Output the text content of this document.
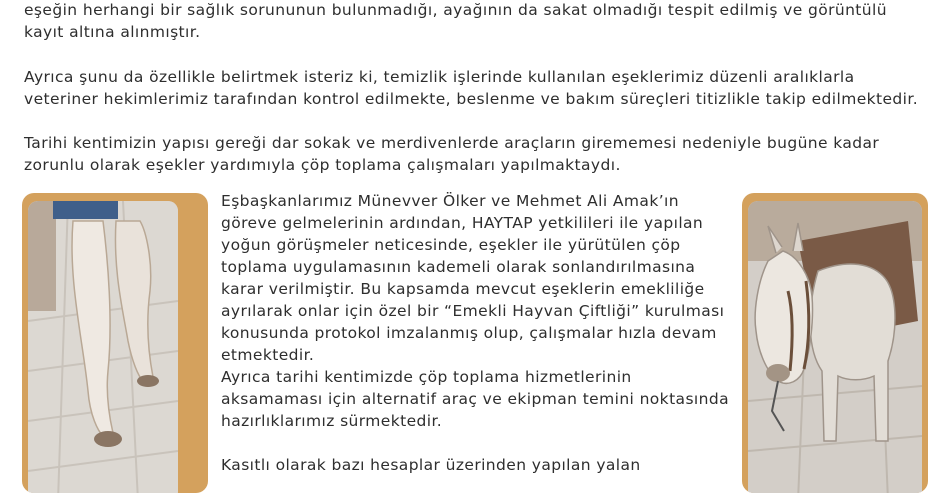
eşeğin herhangi bir sağlık sorununun bulunmadığı, ayağının da sakat olmadığı tespit edilmiş ve görüntülü kayıt altına alınmıştır.

Ayrıca şunu da özellikle belirtmek isteriz ki, temizlik işlerinde kullanılan eşeklerimiz düzenli aralıklarla veteriner hekimlerimiz tarafından kontrol edilmekte, beslenme ve bakım süreçleri titizlikle takip edilmektedir.

Tarihi kentimizin yapısı gereği dar sokak ve merdivenlerde araçların girememesi nedeniyle bugüne kadar zorunlu olarak eşekler yardımıyla çöp toplama çalışmaları yapılmaktaydı.

Eşbaşkanlarımız Münevver Ölker ve Mehmet Ali Amak’ın göreve gelmelerinin ardından, HAYTAP yetkilileri ile yapılan yoğun görüşmeler neticesinde, eşekler ile yürütülen çöp toplama uygulamasının kademeli olarak sonlandırılmasına karar verilmiştir. Bu kapsamda mevcut eşeklerin emekliliğe ayrılarak onlar için özel bir “Emekli Hayvan Çiftliği” kurulması konusunda protokol imzalanmış olup, çalışmalar hızla devam etmektedir.

Ayrıca tarihi kentimizde çöp toplama hizmetlerinin aksamaması için alternatif araç ve ekipman temini noktasında hazırlıklarımız sürmektedir.

Kasıtlı olarak bazı hesaplar üzerinden yapılan yalan
